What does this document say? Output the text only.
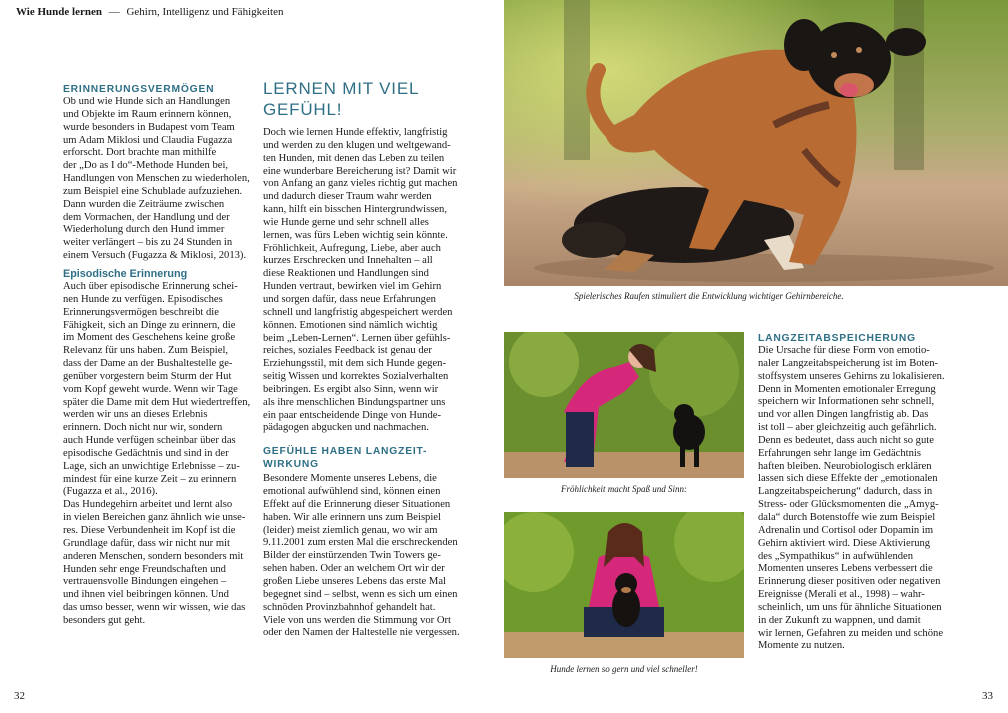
Wie Hunde lernen — Gehirn, Intelligenz und Fähigkeiten
ERINNERUNGSVERMÖGEN
Ob und wie Hunde sich an Handlungen
und Objekte im Raum erinnern können,
wurde besonders in Budapest vom Team
um Adam Miklosi und Claudia Fugazza
erforscht. Dort brachte man mithilfe
der „Do as I do“-Methode Hunden bei,
Handlungen von Menschen zu wiederholen,
zum Beispiel eine Schublade aufzuziehen.
Dann wurden die Zeiträume zwischen
dem Vormachen, der Handlung und der
Wiederholung durch den Hund immer
weiter verlängert – bis zu 24 Stunden in
einem Versuch (Fugazza & Miklosi, 2013).
Episodische Erinnerung
Auch über episodische Erinnerung schei-
nen Hunde zu verfügen. Episodisches
Erinnerungsvermögen beschreibt die
Fähigkeit, sich an Dinge zu erinnern, die
im Moment des Geschehens keine große
Relevanz für uns haben. Zum Beispiel,
dass der Dame an der Bushaltestelle ge-
genüber vorgestern beim Sturm der Hut
vom Kopf geweht wurde. Wenn wir Tage
später die Dame mit dem Hut wiedertreffen,
werden wir uns an dieses Erlebnis
erinnern. Doch nicht nur wir, sondern
auch Hunde verfügen scheinbar über das
episodische Gedächtnis und sind in der
Lage, sich an unwichtige Erlebnisse – zu-
mindest für eine kurze Zeit – zu erinnern
(Fugazza et al., 2016).
Das Hundegehirn arbeitet und lernt also
in vielen Bereichen ganz ähnlich wie unse-
res. Diese Verbundenheit im Kopf ist die
Grundlage dafür, dass wir nicht nur mit
anderen Menschen, sondern besonders mit
Hunden sehr enge Freundschaften und
vertrauensvolle Bindungen eingehen –
und ihnen viel beibringen können. Und
das umso besser, wenn wir wissen, wie das
besonders gut geht.
LERNEN MIT VIEL
GEFÜHL!
Doch wie lernen Hunde effektiv, langfristig
und werden zu den klugen und weltgewand-
ten Hunden, mit denen das Leben zu teilen
eine wunderbare Bereicherung ist? Damit wir
von Anfang an ganz vieles richtig gut machen
und dadurch dieser Traum wahr werden
kann, hilft ein bisschen Hintergrundwissen,
wie Hunde gerne und sehr schnell alles
lernen, was fürs Leben wichtig sein könnte.
Fröhlichkeit, Aufregung, Liebe, aber auch
kurzes Erschrecken und Innehalten – all
diese Reaktionen und Handlungen sind
Hunden vertraut, bewirken viel im Gehirn
und sorgen dafür, dass neue Erfahrungen
schnell und langfristig abgespeichert werden
können. Emotionen sind nämlich wichtig
beim „Leben-Lernen“. Lernen über gefühls-
reiches, soziales Feedback ist genau der
Erziehungsstil, mit dem sich Hunde gegen-
seitig Wissen und korrektes Sozialverhalten
beibringen. Es ergibt also Sinn, wenn wir
als ihre menschlichen Bindungspartner uns
ein paar entscheidende Dinge von Hunde-
pädagogen abgucken und nachmachen.
GEFÜHLE HABEN LANGZEIT-
WIRKUNG
Besondere Momente unseres Lebens, die
emotional aufwühlend sind, können einen
Effekt auf die Erinnerung dieser Situationen
haben. Wir alle erinnern uns zum Beispiel
(leider) meist ziemlich genau, wo wir am
9.11.2001 zum ersten Mal die erschreckenden
Bilder der einstürzenden Twin Towers ge-
sehen haben. Oder an welchem Ort wir der
großen Liebe unseres Lebens das erste Mal
begegnet sind – selbst, wenn es sich um einen
schnöden Provinzbahnhof gehandelt hat.
Viele von uns werden die Stimmung vor Ort
oder den Namen der Haltestelle nie vergessen.
32
Spielerisches Raufen stimuliert die Entwicklung wichtiger Gehirnbereiche.
Fröhlichkeit macht Spaß und Sinn:
Hunde lernen so gern und viel schneller!
LANGZEITABSPEICHERUNG
Die Ursache für diese Form von emotio-
naler Langzeitabspeicherung ist im Boten-
stoffsystem unseres Gehirns zu lokalisieren.
Denn in Momenten emotionaler Erregung
speichern wir Informationen sehr schnell,
und vor allen Dingen langfristig ab. Das
ist toll – aber gleichzeitig auch gefährlich.
Denn es bedeutet, dass auch nicht so gute
Erfahrungen sehr lange im Gedächtnis
haften bleiben. Neurobiologisch erklären
lassen sich diese Effekte der „emotionalen
Langzeitabspeicherung“ dadurch, dass in
Stress- oder Glücksmomenten die „Amyg-
dala“ durch Botenstoffe wie zum Beispiel
Adrenalin und Cortisol oder Dopamin im
Gehirn aktiviert wird. Diese Aktivierung
des „Sympathikus“ in aufwühlenden
Momenten unseres Lebens verbessert die
Erinnerung dieser positiven oder negativen
Ereignisse (Merali et al., 1998) – wahr-
scheinlich, um uns für ähnliche Situationen
in der Zukunft zu wappnen, und damit
wir lernen, Gefahren zu meiden und schöne
Momente zu nutzen.
33
